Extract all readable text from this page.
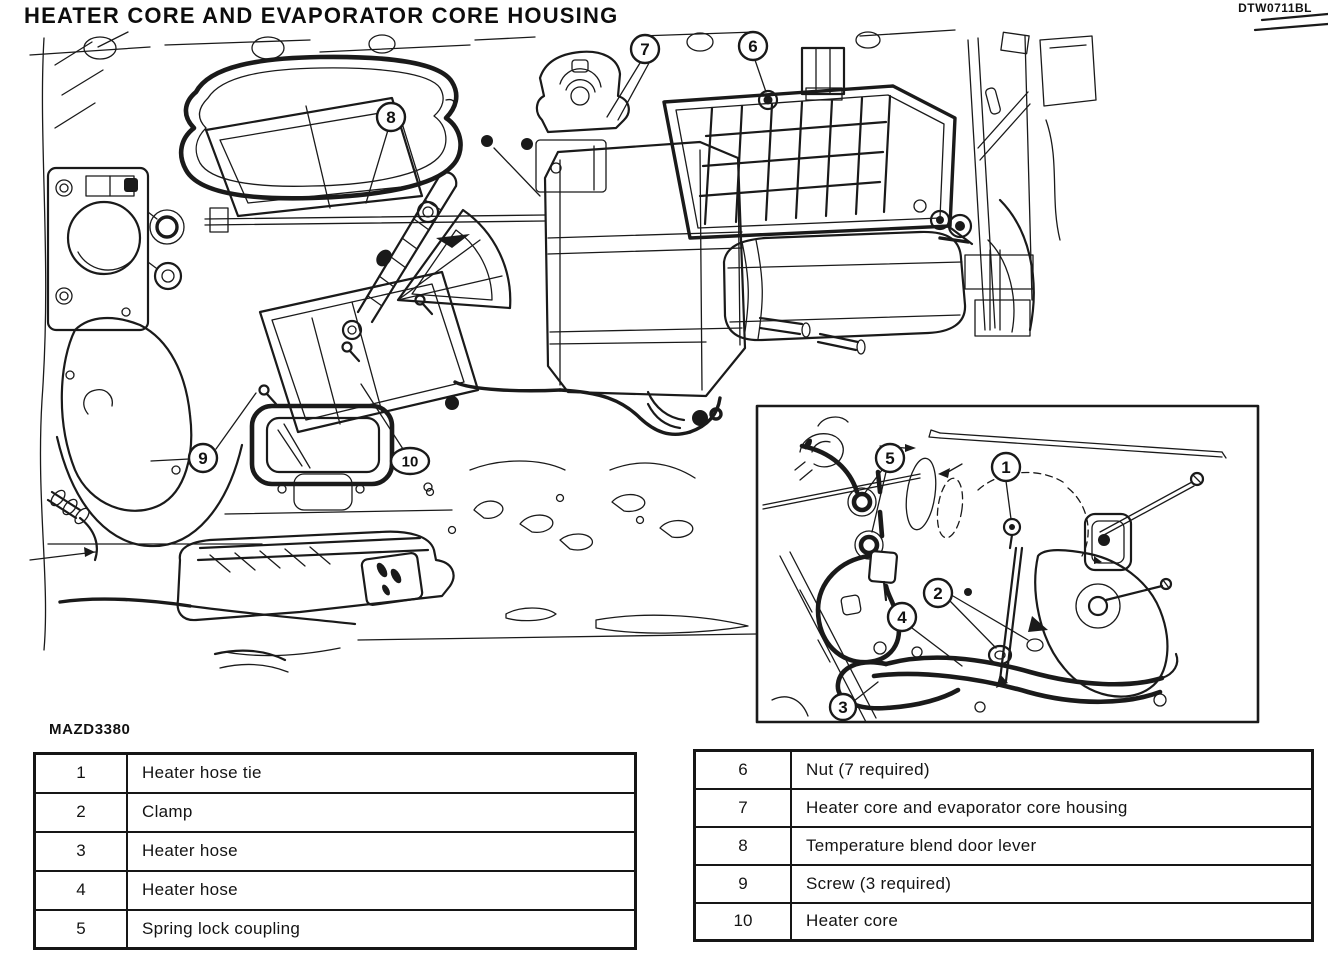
HEATER CORE AND EVAPORATOR CORE HOUSING	DTW0711BL
1
2
3
4
5
6
7
8
9	10
MAZD3380
1	Heater hose tie
2	Clamp
3	Heater hose
4	Heater hose
5	Spring lock coupling
6	Nut (7 required)
7	Heater core and evaporator core housing
8	Temperature blend door lever
9	Screw (3 required)
10	Heater core
